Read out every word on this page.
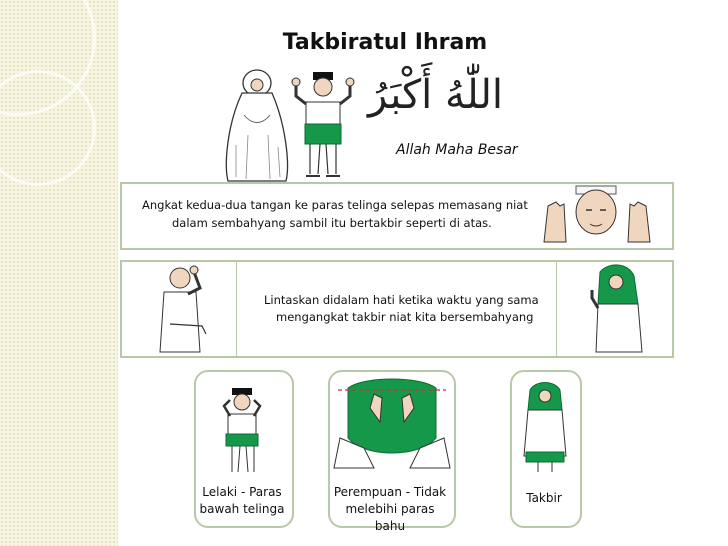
Takbiratul Ihram
اللّٰهُ أَكْبَرُ
Allah Maha Besar
Angkat kedua-dua tangan ke paras telinga selepas memasang niat
dalam sembahyang sambil itu bertakbir seperti di atas.
Lintaskan didalam hati ketika waktu yang sama
mengangkat takbir niat kita bersembahyang
Lelaki - Paras
bawah telinga
Perempuan - Tidak
melebihi paras bahu
Takbir
